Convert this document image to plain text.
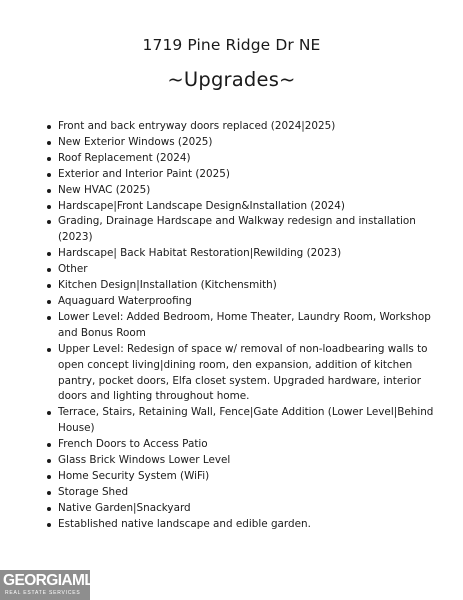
1719 Pine Ridge Dr NE
~Upgrades~
Front and back entryway doors replaced (2024|2025)
New Exterior Windows (2025)
Roof Replacement (2024)
Exterior and Interior Paint (2025)
New HVAC (2025)
Hardscape|Front Landscape Design&Installation (2024)
Grading, Drainage Hardscape and Walkway redesign and installation (2023)
Hardscape| Back Habitat Restoration|Rewilding (2023)
Other
Kitchen Design|Installation (Kitchensmith)
Aquaguard Waterproofing
Lower Level: Added Bedroom, Home Theater, Laundry Room, Workshop and Bonus Room
Upper Level: Redesign of space w/ removal of non-loadbearing walls to open concept living|dining room, den expansion, addition of kitchen pantry, pocket doors, Elfa closet system. Upgraded hardware, interior doors and lighting throughout home.
Terrace, Stairs, Retaining Wall, Fence|Gate Addition (Lower Level|Behind House)
French Doors to Access Patio
Glass Brick Windows Lower Level
Home Security System (WiFi)
Storage Shed
Native Garden|Snackyard
Established native landscape and edible garden.
GEORGIAMLS
REAL ESTATE SERVICES
